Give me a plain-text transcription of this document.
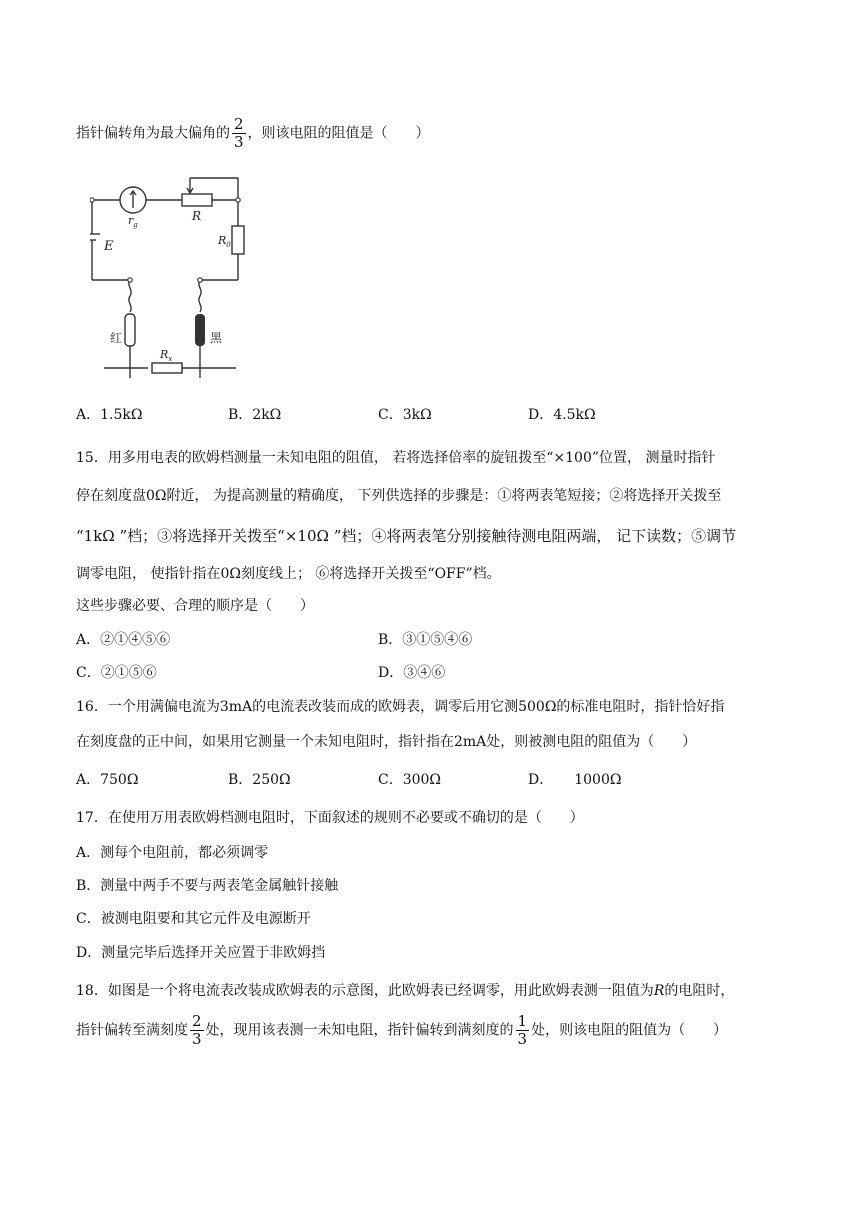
指针偏转角为最大偏角的 $\frac{2}{3}$ ，则该电阻的阻值是（　　）
$r_g$
R
$R_0$
E
红	黑
$R_x$
A．1.5kΩ	B．2kΩ	C．3kΩ	D．4.5kΩ
15．用多用电表的欧姆档测量一未知电阻的阻值， 若将选择倍率的旋钮拨至“×100”位置， 测量时指针
停在刻度盘0Ω附近， 为提高测量的精确度， 下列供选择的步骤是：①将两表笔短接；②将选择开关拨至
“1kΩ ”档；③将选择开关拨至“×10Ω ”档；④将两表笔分别接触待测电阻两端， 记下读数；⑤调节
调零电阻， 使指针指在0Ω刻度线上； ⑥将选择开关拨至“OFF”档。
这些步骤必要、合理的顺序是（　　）
A．②①④⑤⑥	B．③①⑤④⑥
C．②①⑤⑥	D．③④⑥
16．一个用满偏电流为3mA的电流表改装而成的欧姆表，调零后用它测500Ω的标准电阻时，指针恰好指
在刻度盘的正中间，如果用它测量一个未知电阻时，指针指在2mA处，则被测电阻的阻值为（　　）
A．750Ω	B．250Ω	C．300Ω	D．　　1000Ω
17．在使用万用表欧姆档测电阻时，下面叙述的规则不必要或不确切的是（　　）
A．测每个电阻前，都必须调零
B．测量中两手不要与两表笔金属触针接触
C．被测电阻要和其它元件及电源断开
D．测量完毕后选择开关应置于非欧姆挡
18．如图是一个将电流表改装成欧姆表的示意图，此欧姆表已经调零，用此欧姆表测一阻值为R的电阻时，
指针偏转至满刻度 $\frac{2}{3}$ 处，现用该表测一未知电阻，指针偏转到满刻度的 $\frac{1}{3}$ 处，则该电阻的阻值为（　　）
